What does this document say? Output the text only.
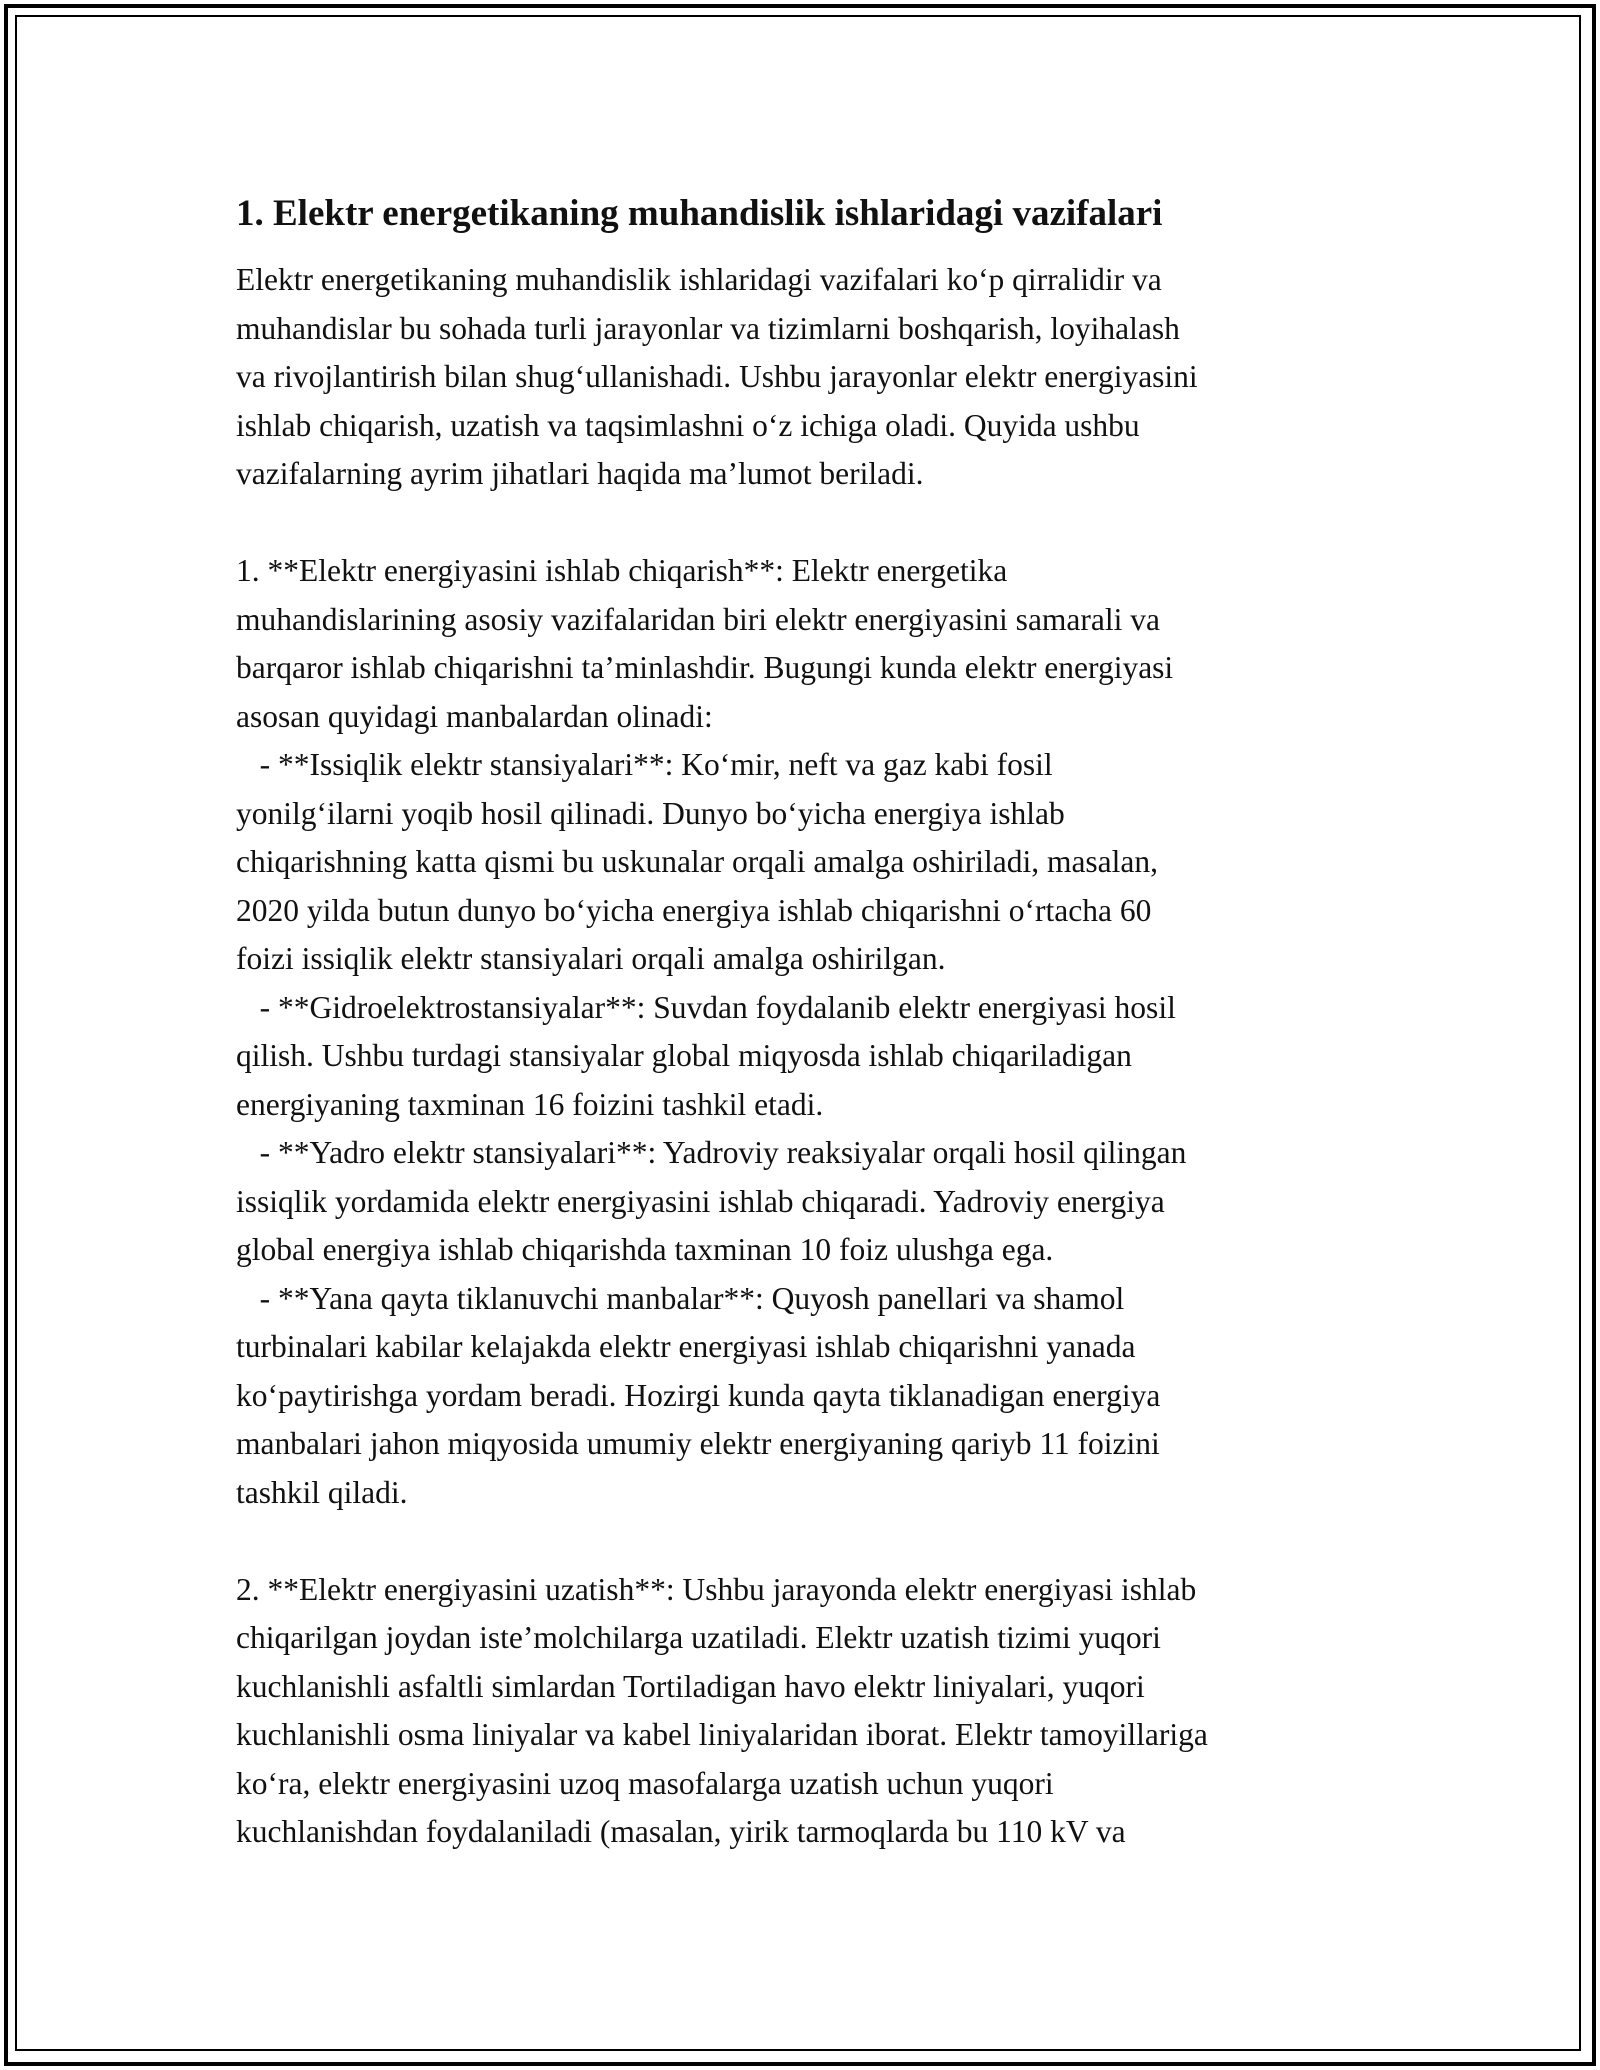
1. Elektr energetikaning muhandislik ishlaridagi vazifalari
Elektr energetikaning muhandislik ishlaridagi vazifalari koʻp qirralidir va
muhandislar bu sohada turli jarayonlar va tizimlarni boshqarish, loyihalash
va rivojlantirish bilan shugʻullanishadi. Ushbu jarayonlar elektr energiyasini
ishlab chiqarish, uzatish va taqsimlashni oʻz ichiga oladi. Quyida ushbu
vazifalarning ayrim jihatlari haqida maʼlumot beriladi.
1. **Elektr energiyasini ishlab chiqarish**: Elektr energetika
muhandislarining asosiy vazifalaridan biri elektr energiyasini samarali va
barqaror ishlab chiqarishni taʼminlashdir. Bugungi kunda elektr energiyasi
asosan quyidagi manbalardan olinadi:
- **Issiqlik elektr stansiyalari**: Koʻmir, neft va gaz kabi fosil
yonilgʻilarni yoqib hosil qilinadi. Dunyo boʻyicha energiya ishlab
chiqarishning katta qismi bu uskunalar orqali amalga oshiriladi, masalan,
2020 yilda butun dunyo boʻyicha energiya ishlab chiqarishni oʻrtacha 60
foizi issiqlik elektr stansiyalari orqali amalga oshirilgan.
- **Gidroelektrostansiyalar**: Suvdan foydalanib elektr energiyasi hosil
qilish. Ushbu turdagi stansiyalar global miqyosda ishlab chiqariladigan
energiyaning taxminan 16 foizini tashkil etadi.
- **Yadro elektr stansiyalari**: Yadroviy reaksiyalar orqali hosil qilingan
issiqlik yordamida elektr energiyasini ishlab chiqaradi. Yadroviy energiya
global energiya ishlab chiqarishda taxminan 10 foiz ulushga ega.
- **Yana qayta tiklanuvchi manbalar**: Quyosh panellari va shamol
turbinalari kabilar kelajakda elektr energiyasi ishlab chiqarishni yanada
koʻpaytirishga yordam beradi. Hozirgi kunda qayta tiklanadigan energiya
manbalari jahon miqyosida umumiy elektr energiyaning qariyb 11 foizini
tashkil qiladi.
2. **Elektr energiyasini uzatish**: Ushbu jarayonda elektr energiyasi ishlab
chiqarilgan joydan isteʼmolchilarga uzatiladi. Elektr uzatish tizimi yuqori
kuchlanishli asfaltli simlardan Tortiladigan havo elektr liniyalari, yuqori
kuchlanishli osma liniyalar va kabel liniyalaridan iborat. Elektr tamoyillariga
koʻra, elektr energiyasini uzoq masofalarga uzatish uchun yuqori
kuchlanishdan foydalaniladi (masalan, yirik tarmoqlarda bu 110 kV va
